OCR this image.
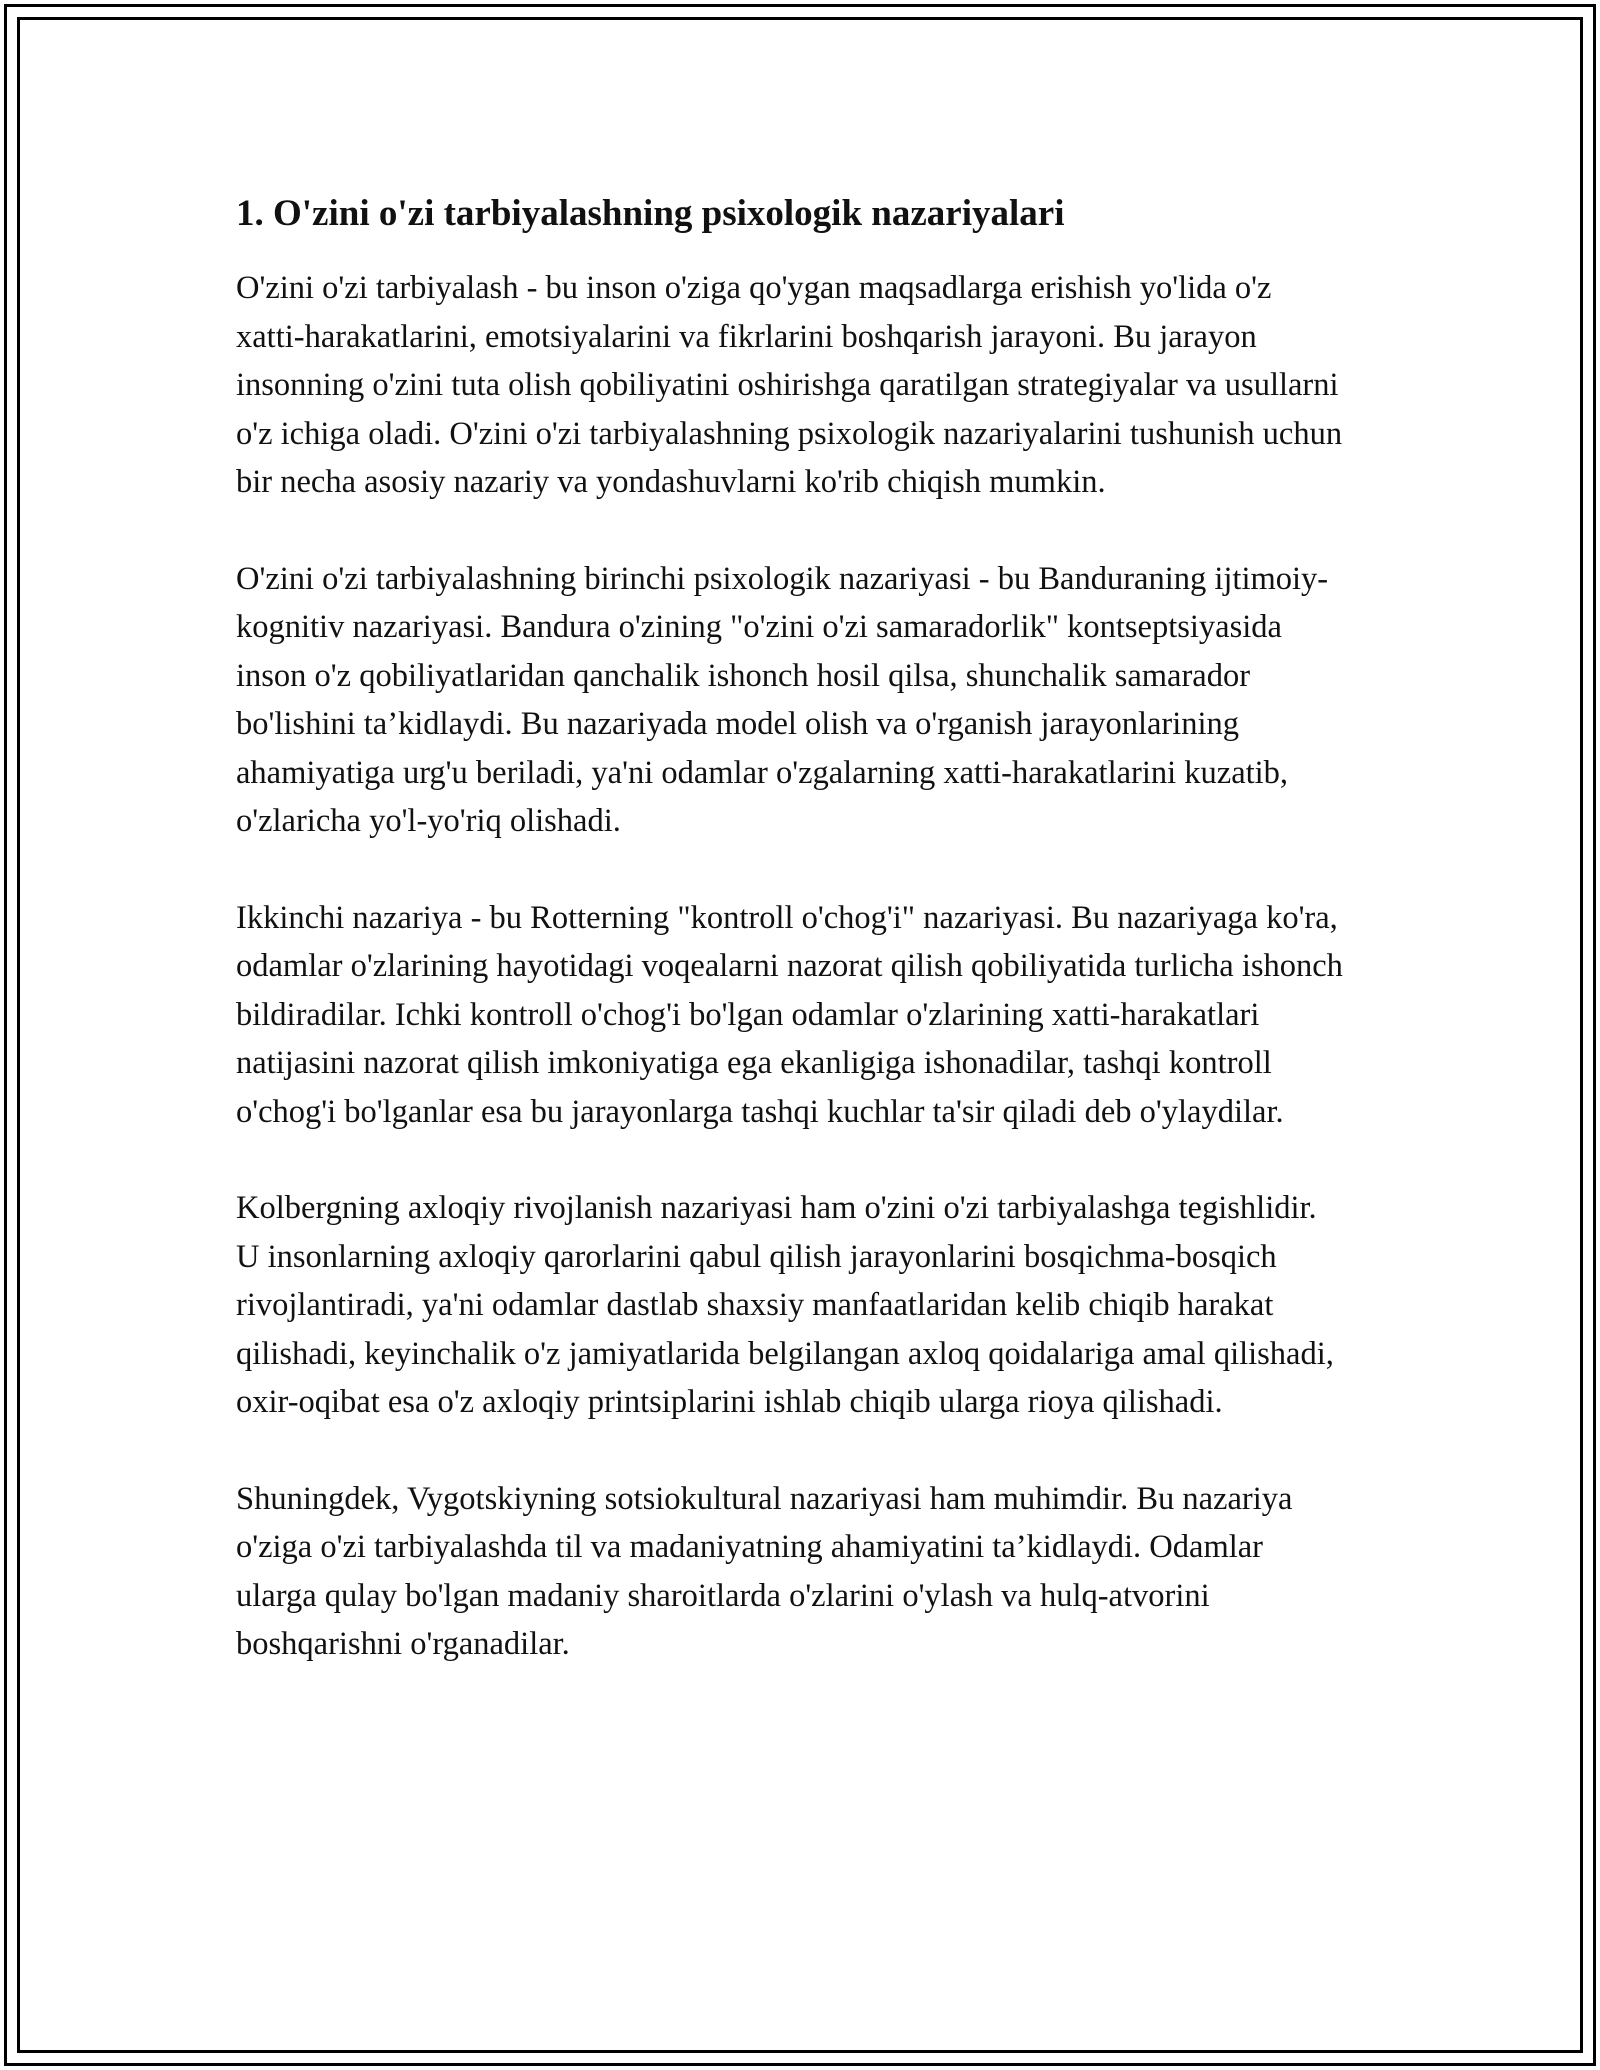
1. O'zini o'zi tarbiyalashning psixologik nazariyalari

O'zini o'zi tarbiyalash - bu inson o'ziga qo'ygan maqsadlarga erishish yo'lida o'z xatti-harakatlarini, emotsiyalarini va fikrlarini boshqarish jarayoni. Bu jarayon insonning o'zini tuta olish qobiliyatini oshirishga qaratilgan strategiyalar va usullarni o'z ichiga oladi. O'zini o'zi tarbiyalashning psixologik nazariyalarini tushunish uchun bir necha asosiy nazariy va yondashuvlarni ko'rib chiqish mumkin.

O'zini o'zi tarbiyalashning birinchi psixologik nazariyasi - bu Banduraning ijtimoiy-kognitiv nazariyasi. Bandura o'zining "o'zini o'zi samaradorlik" kontseptsiyasida inson o'z qobiliyatlaridan qanchalik ishonch hosil qilsa, shunchalik samarador bo'lishini ta’kidlaydi. Bu nazariyada model olish va o'rganish jarayonlarining ahamiyatiga urg'u beriladi, ya'ni odamlar o'zgalarning xatti-harakatlarini kuzatib, o'zlaricha yo'l-yo'riq olishadi.

Ikkinchi nazariya - bu Rotterning "kontroll o'chog'i" nazariyasi. Bu nazariyaga ko'ra, odamlar o'zlarining hayotidagi voqealarni nazorat qilish qobiliyatida turlicha ishonch bildiradilar. Ichki kontroll o'chog'i bo'lgan odamlar o'zlarining xatti-harakatlari natijasini nazorat qilish imkoniyatiga ega ekanligiga ishonadilar, tashqi kontroll o'chog'i bo'lganlar esa bu jarayonlarga tashqi kuchlar ta'sir qiladi deb o'ylaydilar.

Kolbergning axloqiy rivojlanish nazariyasi ham o'zini o'zi tarbiyalashga tegishlidir. U insonlarning axloqiy qarorlarini qabul qilish jarayonlarini bosqichma-bosqich rivojlantiradi, ya'ni odamlar dastlab shaxsiy manfaatlaridan kelib chiqib harakat qilishadi, keyinchalik o'z jamiyatlarida belgilangan axloq qoidalariga amal qilishadi, oxir-oqibat esa o'z axloqiy printsiplarini ishlab chiqib ularga rioya qilishadi.

Shuningdek, Vygotskiyning sotsiokultural nazariyasi ham muhimdir. Bu nazariya o'ziga o'zi tarbiyalashda til va madaniyatning ahamiyatini ta’kidlaydi. Odamlar ularga qulay bo'lgan madaniy sharoitlarda o'zlarini o'ylash va hulq-atvorini boshqarishni o'rganadilar.
